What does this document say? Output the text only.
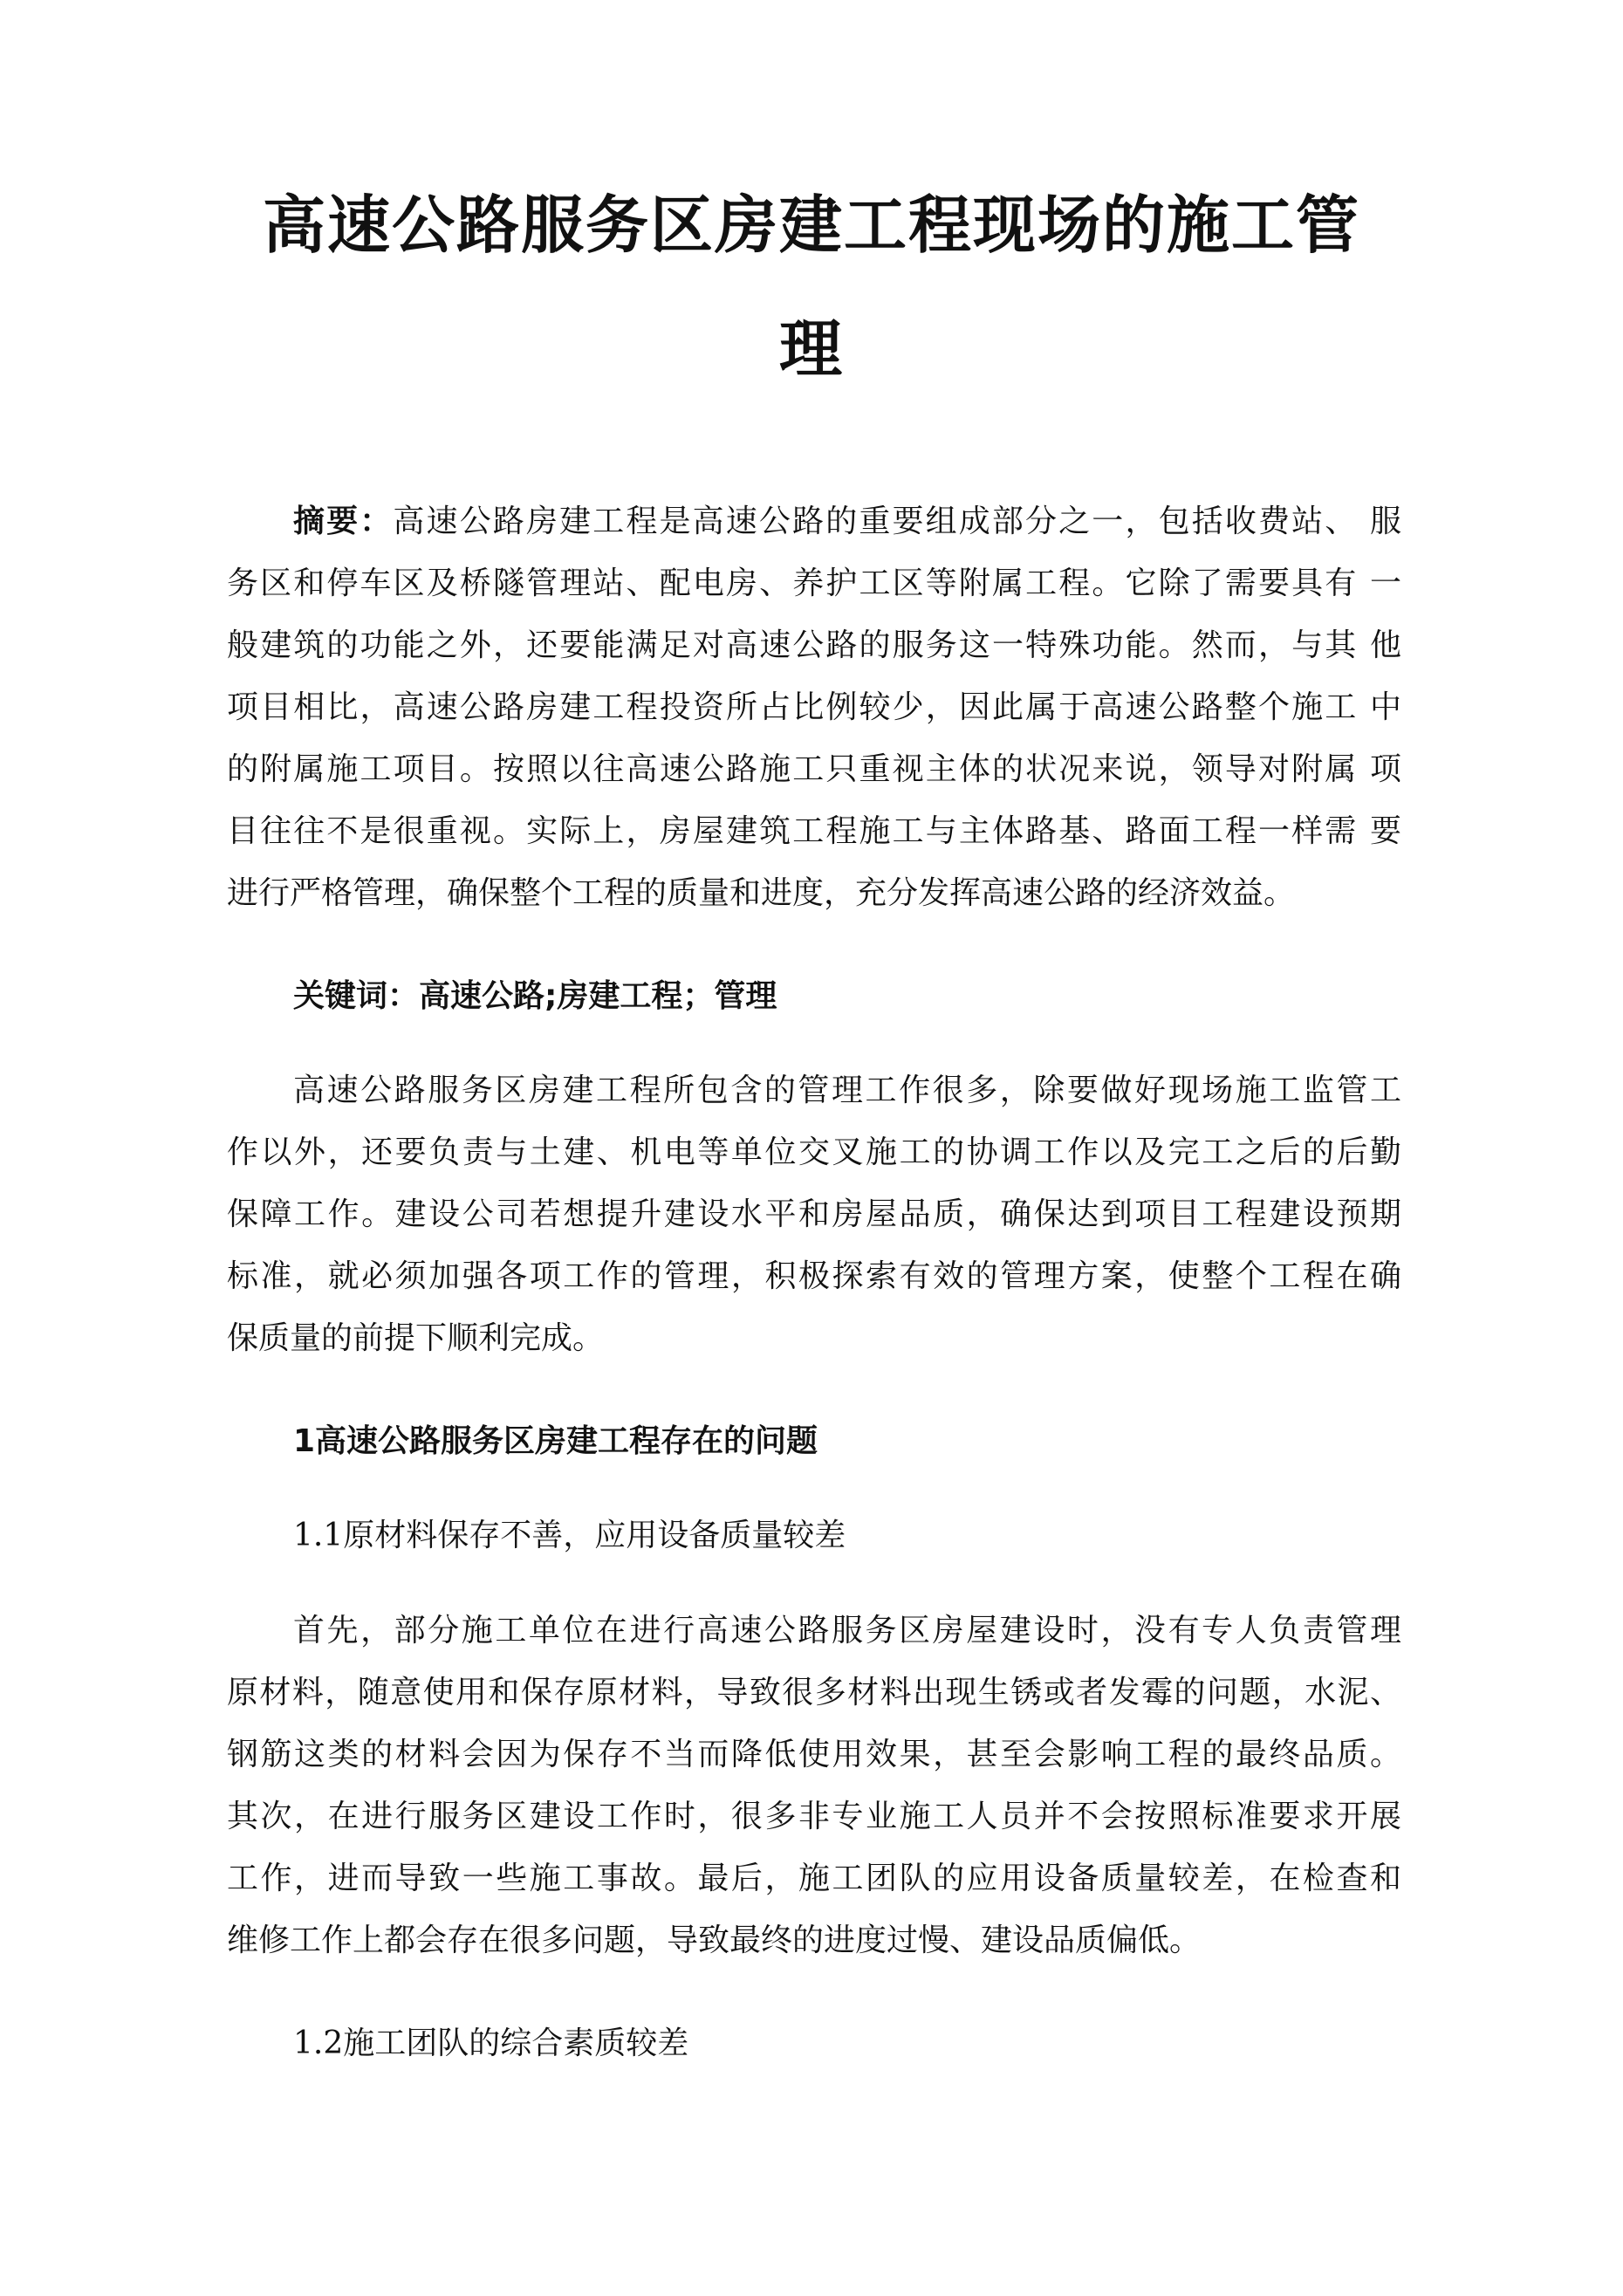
高速公路服务区房建工程现场的施工管
理

摘要：高速公路房建工程是高速公路的重要组成部分之一，包括收费站、 服

务区和停车区及桥隧管理站、配电房、养护工区等附属工程。它除了需要具有 一

般建筑的功能之外，还要能满足对高速公路的服务这一特殊功能。然而，与其 他

项目相比，高速公路房建工程投资所占比例较少，因此属于高速公路整个施工 中

的附属施工项目。按照以往高速公路施工只重视主体的状况来说，领导对附属 项

目往往不是很重视。实际上，房屋建筑工程施工与主体路基、路面工程一样需 要

进行严格管理，确保整个工程的质量和进度，充分发挥高速公路的经济效益。

关键词：高速公路;房建工程；管理

高速公路服务区房建工程所包含的管理工作很多，除要做好现场施工监管工

作以外，还要负责与土建、机电等单位交叉施工的协调工作以及完工之后的后勤

保障工作。建设公司若想提升建设水平和房屋品质，确保达到项目工程建设预期

标准，就必须加强各项工作的管理，积极探索有效的管理方案，使整个工程在确

保质量的前提下顺利完成。

1高速公路服务区房建工程存在的问题

1.1原材料保存不善，应用设备质量较差

首先，部分施工单位在进行高速公路服务区房屋建设时，没有专人负责管理

原材料，随意使用和保存原材料，导致很多材料出现生锈或者发霉的问题，水泥、

钢筋这类的材料会因为保存不当而降低使用效果，甚至会影响工程的最终品质。

其次，在进行服务区建设工作时，很多非专业施工人员并不会按照标准要求开展

工作，进而导致一些施工事故。最后，施工团队的应用设备质量较差，在检查和

维修工作上都会存在很多问题，导致最终的进度过慢、建设品质偏低。

1.2施工团队的综合素质较差
